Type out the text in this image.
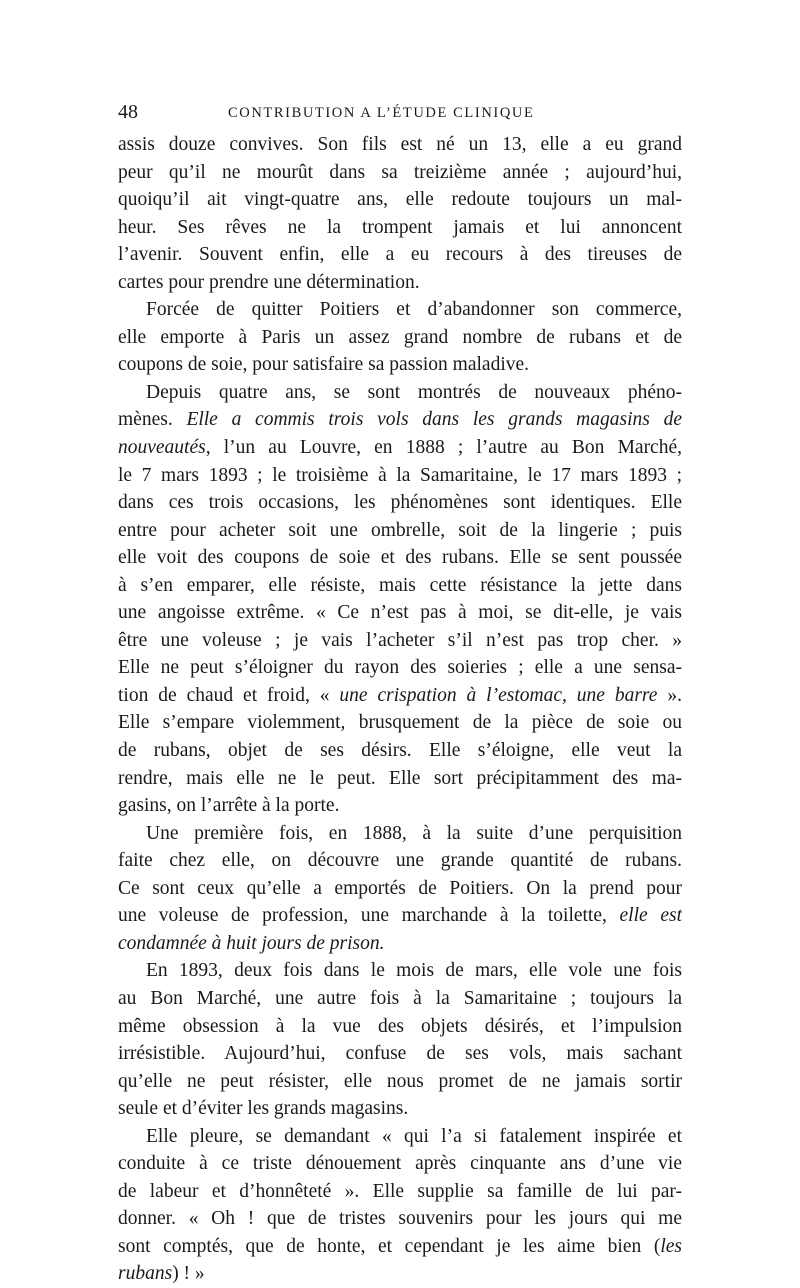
48	CONTRIBUTION A L’ÉTUDE CLINIQUE
assis douze convives. Son fils est né un 13, elle a eu grand
peur qu’il ne mourût dans sa treizième année ; aujourd’hui,
quoiqu’il ait vingt-quatre ans, elle redoute toujours un mal-
heur. Ses rêves ne la trompent jamais et lui annoncent
l’avenir. Souvent enfin, elle a eu recours à des tireuses de
cartes pour prendre une détermination.
Forcée de quitter Poitiers et d’abandonner son commerce,
elle emporte à Paris un assez grand nombre de rubans et de
coupons de soie, pour satisfaire sa passion maladive.
Depuis quatre ans, se sont montrés de nouveaux phéno-
mènes. Elle a commis trois vols dans les grands magasins de
nouveautés, l’un au Louvre, en 1888 ; l’autre au Bon Marché,
le 7 mars 1893 ; le troisième à la Samaritaine, le 17 mars 1893 ;
dans ces trois occasions, les phénomènes sont identiques. Elle
entre pour acheter soit une ombrelle, soit de la lingerie ; puis
elle voit des coupons de soie et des rubans. Elle se sent poussée
à s’en emparer, elle résiste, mais cette résistance la jette dans
une angoisse extrême. « Ce n’est pas à moi, se dit-elle, je vais
être une voleuse ; je vais l’acheter s’il n’est pas trop cher. »
Elle ne peut s’éloigner du rayon des soieries ; elle a une sensa-
tion de chaud et froid, « une crispation à l’estomac, une barre ».
Elle s’empare violemment, brusquement de la pièce de soie ou
de rubans, objet de ses désirs. Elle s’éloigne, elle veut la
rendre, mais elle ne le peut. Elle sort précipitamment des ma-
gasins, on l’arrête à la porte.
Une première fois, en 1888, à la suite d’une perquisition
faite chez elle, on découvre une grande quantité de rubans.
Ce sont ceux qu’elle a emportés de Poitiers. On la prend pour
une voleuse de profession, une marchande à la toilette, elle est
condamnée à huit jours de prison.
En 1893, deux fois dans le mois de mars, elle vole une fois
au Bon Marché, une autre fois à la Samaritaine ; toujours la
même obsession à la vue des objets désirés, et l’impulsion
irrésistible. Aujourd’hui, confuse de ses vols, mais sachant
qu’elle ne peut résister, elle nous promet de ne jamais sortir
seule et d’éviter les grands magasins.
Elle pleure, se demandant « qui l’a si fatalement inspirée et
conduite à ce triste dénouement après cinquante ans d’une vie
de labeur et d’honnêteté ». Elle supplie sa famille de lui par-
donner. « Oh ! que de tristes souvenirs pour les jours qui me
sont comptés, que de honte, et cependant je les aime bien (les
rubans) ! »
